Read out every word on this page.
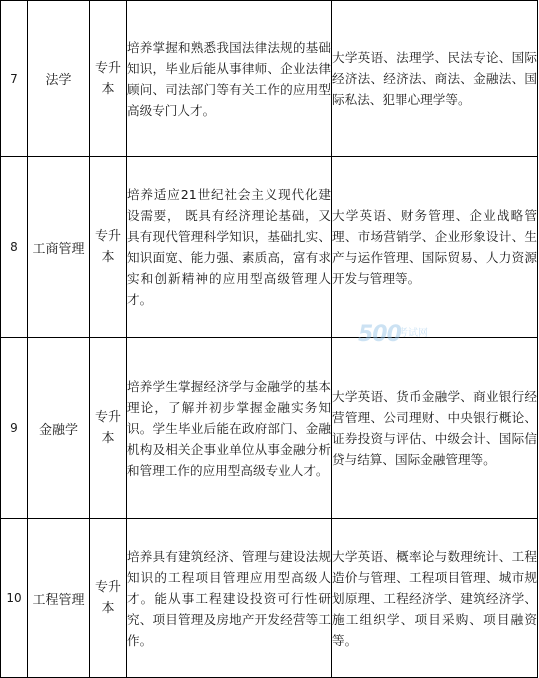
7	法学	专升本	培养掌握和熟悉我国法律法规的基础知识，毕业后能从事律师、企业法律顾问、司法部门等有关工作的应用型高级专门人才。	大学英语、法理学、民法专论、国际经济法、经济法、商法、金融法、国际私法、犯罪心理学等。
8	工商管理	专升本	培养适应21世纪社会主义现代化建设需要， 既具有经济理论基础，又具有现代管理科学知识，基础扎实、知识面宽、能力强、素质高，富有求实和创新精神的应用型高级管理人才。	大学英语、财务管理、企业战略管理、市场营销学、企业形象设计、生产与运作管理、国际贸易、人力资源开发与管理等。
9	金融学	专升本	培养学生掌握经济学与金融学的基本理论，了解并初步掌握金融实务知识。学生毕业后能在政府部门、金融机构及相关企事业单位从事金融分析和管理工作的应用型高级专业人才。	大学英语、货币金融学、商业银行经营管理、公司理财、中央银行概论、证券投资与评估、中级会计、国际信贷与结算、国际金融管理等。
10	工程管理	专升本	培养具有建筑经济、管理与建设法规知识的工程项目管理应用型高级人才。能从事工程建设投资可行性研究、项目管理及房地产开发经营等工作。	大学英语、概率论与数理统计、工程造价与管理、工程项目管理、城市规划原理、工程经济学、建筑经济学、施工组织学、项目采购、项目融资等。
500
考试网
